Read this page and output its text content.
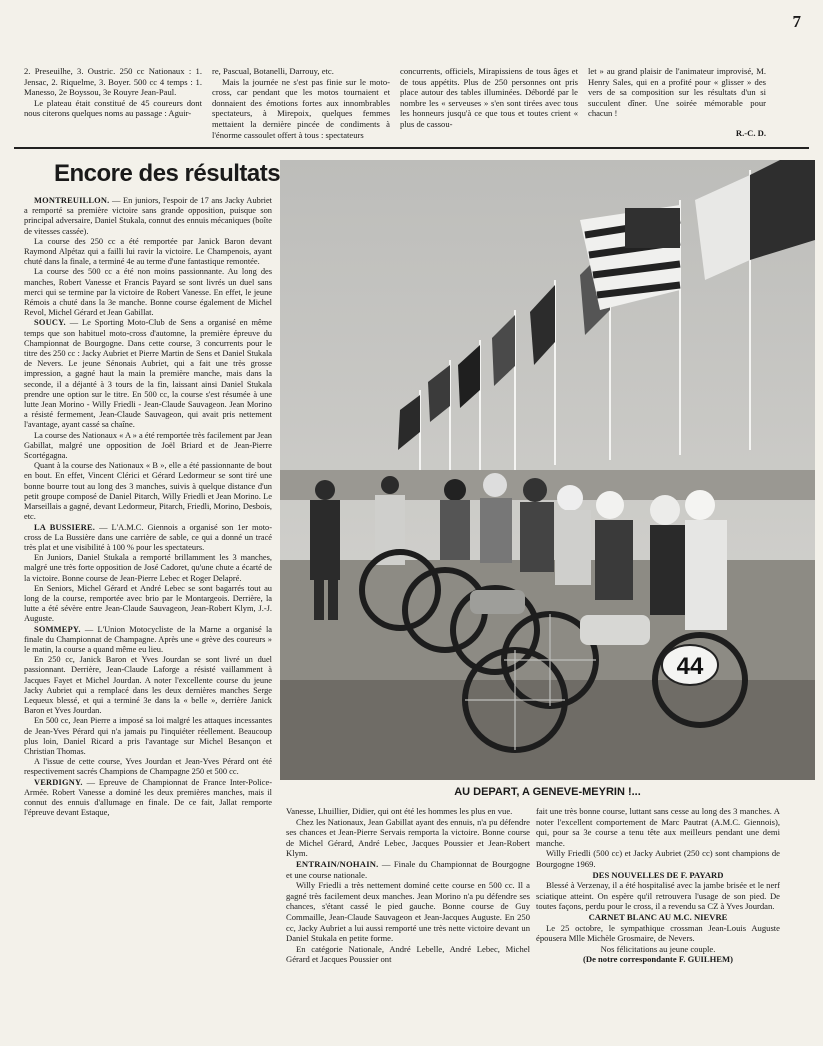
7

2. Preseuilhe, 3. Oustric. 250 cc Nationaux : 1. Jensac, 2. Riquelme, 3. Boyer. 500 cc 4 temps : 1. Manesso, 2e Boyssou, 3e Rouyre Jean-Paul.

Le plateau était constitué de 45 coureurs dont nous citerons quelques noms au passage : Aguir-

re, Pascual, Botanelli, Darrouy, etc.

Mais la journée ne s'est pas finie sur le moto-cross, car pendant que les motos tournaient et donnaient des émotions fortes aux innombrables spectateurs, à Mirepoix, quelques femmes mettaient la dernière pincée de condiments à l'énorme cassoulet offert à tous : spectateurs

concurrents, officiels, Mirapissiens de tous âges et de tous appétits. Plus de 250 personnes ont pris place autour des tables illuminées. Débordé par le nombre les « serveuses » s'en sont tirées avec tous les honneurs jusqu'à ce que tous et toutes crient « plus de cassou-

let » au grand plaisir de l'animateur improvisé, M. Henry Sales, qui en a profité pour « glisser » des vers de sa composition sur les résultats d'un si succulent dîner. Une soirée mémorable pour chacun !

R.-C. D.
Encore des résultats

MONTREUILLON. — En juniors, l'espoir de 17 ans Jacky Aubriet a remporté sa première victoire sans grande opposition, puisque son principal adversaire, Daniel Stukala, connut des ennuis mécaniques (boîte de vitesses cassée).

La course des 250 cc a été remportée par Janick Baron devant Raymond Alpétaz qui a failli lui ravir la victoire. Le Champenois, ayant chuté dans la finale, a terminé 4e au terme d'une fantastique remontée.

La course des 500 cc a été non moins passionnante. Au long des manches, Robert Vanesse et Francis Payard se sont livrés un duel sans merci qui se termine par la victoire de Robert Vanesse. En effet, le jeune Rémois a chuté dans la 3e manche. Bonne course également de Michel Revol, Michel Gérard et Jean Gabillat.

SOUCY. — Le Sporting Moto-Club de Sens a organisé en même temps que son habituel moto-cross d'automne, la première épreuve du Championnat de Bourgogne. Dans cette course, 3 concurrents pour le titre des 250 cc : Jacky Aubriet et Pierre Martin de Sens et Daniel Stukala de Nevers. Le jeune Sénonais Aubriet, qui a fait une très grosse impression, a gagné haut la main la première manche, mais dans la seconde, il a déjanté à 3 tours de la fin, laissant ainsi Daniel Stukala prendre une option sur le titre. En 500 cc, la course s'est résumée à une lutte Jean Morino - Willy Friedli - Jean-Claude Sauvageon. Jean Morino a résisté fermement, Jean-Claude Sauvageon, qui avait pris nettement l'avantage, ayant cassé sa chaîne.

La course des Nationaux « A » a été remportée très facilement par Jean Gabillat, malgré une opposition de Joël Briard et de Jean-Pierre Scortégagna.

Quant à la course des Nationaux « B », elle a été passionnante de bout en bout. En effet, Vincent Clérici et Gérard Ledormeur se sont tiré une bonne bourre tout au long des 3 manches, suivis à quelque distance d'un petit groupe composé de Daniel Pitarch, Willy Friedli et Jean Morino. Le Marseillais a gagné, devant Ledormeur, Pitarch, Friedli, Morino, Desbois, etc.

LA BUSSIERE. — L'A.M.C. Giennois a organisé son 1er moto-cross de La Bussière dans une carrière de sable, ce qui a donné un tracé très plat et une visibilité à 100 % pour les spectateurs.

En Juniors, Daniel Stukala a remporté brillamment les 3 manches, malgré une très forte opposition de José Cadoret, qu'une chute a écarté de la victoire. Bonne course de Jean-Pierre Lebec et Roger Delapré.

En Seniors, Michel Gérard et André Lebec se sont bagarrés tout au long de la course, remportée avec brio par le Montargeois. Derrière, la lutte a été sévère entre Jean-Claude Sauvageon, Jean-Robert Klym, J.-J. Auguste.

SOMMEPY. — L'Union Motocycliste de la Marne a organisé la finale du Championnat de Champagne. Après une « grève des coureurs » le matin, la course a quand même eu lieu.

En 250 cc, Janick Baron et Yves Jourdan se sont livré un duel passionnant. Derrière, Jean-Claude Laforge a résisté vaillamment à Jacques Fayet et Michel Jourdan. A noter l'excellente course du jeune Jacky Aubriet qui a remplacé dans les deux dernières manches Serge Lequeux blessé, et qui a terminé 3e dans la « belle », derrière Janick Baron et Yves Jourdan.

En 500 cc, Jean Pierre a imposé sa loi malgré les attaques incessantes de Jean-Yves Pérard qui n'a jamais pu l'inquiéter réellement. Beaucoup plus loin, Daniel Ricard a pris l'avantage sur Michel Besançon et Christian Thomas.

A l'issue de cette course, Yves Jourdan et Jean-Yves Pérard ont été respectivement sacrés Champions de Champagne 250 et 500 cc.

VERDIGNY. — Epreuve de Championnat de France Inter-Police-Armée. Robert Vanesse a dominé les deux premières manches, mais il connut des ennuis d'allumage en finale. De ce fait, Jallat remporte l'épreuve devant Estaque,

44
AU DEPART, A GENEVE-MEYRIN !...

Vanesse, Lhuillier, Didier, qui ont été les hommes les plus en vue.

Chez les Nationaux, Jean Gabillat ayant des ennuis, n'a pu défendre ses chances et Jean-Pierre Servais remporta la victoire. Bonne course de Michel Gérard, André Lebec, Jacques Poussier et Jean-Robert Klym.

ENTRAIN/NOHAIN. — Finale du Championnat de Bourgogne et une course nationale.

Willy Friedli a très nettement dominé cette course en 500 cc. Il a gagné très facilement deux manches. Jean Morino n'a pu défendre ses chances, s'étant cassé le pied gauche. Bonne course de Guy Commaille, Jean-Claude Sauvageon et Jean-Jacques Auguste. En 250 cc, Jacky Aubriet a lui aussi remporté une très nette victoire devant un Daniel Stukala en petite forme.

En catégorie Nationale, André Lebelle, André Lebec, Michel Gérard et Jacques Poussier ont

fait une très bonne course, luttant sans cesse au long des 3 manches. A noter l'excellent comportement de Marc Pautrat (A.M.C. Giennois), qui, pour sa 3e course a tenu tête aux meilleurs pendant une demi manche.

Willy Friedli (500 cc) et Jacky Aubriet (250 cc) sont champions de Bourgogne 1969.

DES NOUVELLES DE F. PAYARD

Blessé à Verzenay, il a été hospitalisé avec la jambe brisée et le nerf sciatique atteint. On espère qu'il retrouvera l'usage de son pied. De toutes façons, perdu pour le cross, il a revendu sa CZ à Yves Jourdan.

CARNET BLANC AU M.C. NIEVRE

Le 25 octobre, le sympathique crossman Jean-Louis Auguste épousera Mlle Michèle Grosmaire, de Nevers.

Nos félicitations au jeune couple.

(De notre correspondante F. GUILHEM)
